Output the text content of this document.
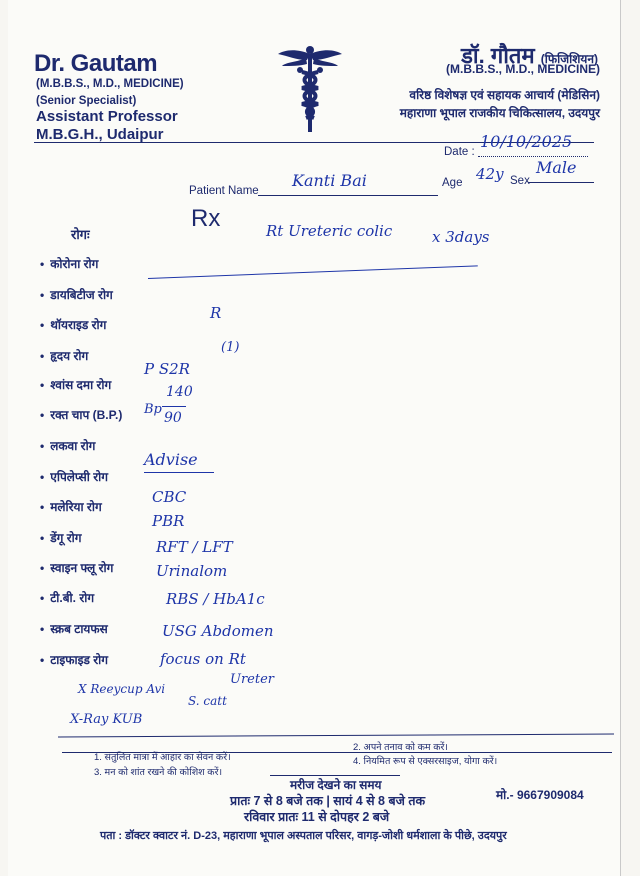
Dr. Gautam
(M.B.B.S., M.D., MEDICINE)
(Senior Specialist)
Assistant Professor
M.B.G.H., Udaipur
डॉ. गौतम (फिजिशियन)
(M.B.B.S., M.D., MEDICINE)
वरिष्ठ विशेषज्ञ एवं सहायक आचार्य (मेडिसिन)
महाराणा भूपाल राजकीय चिकित्सालय, उदयपुर
Date :
10/10/2025
Patient Name
Kanti Bai	Age 42y Sex
Male
Rx
रोगः
• कोरोना रोग
• डायबिटीज रोग
• थॉयराइड रोग
• हृदय रोग
• श्वांस दमा रोग
• रक्त चाप (B.P.)
• लकवा रोग
• एपिलेप्सी रोग
• मलेरिया रोग
• डेंगू रोग
• स्वाइन फ्लू रोग
• टी.बी. रोग
• स्क्रब टायफस
• टाइफाइड रोग
Rt Ureteric colic	x 3days
R
(1)
P S2R
Bp
140
90
Advise
CBC
PBR
RFT / LFT
Urinalom
RBS / HbA1c
USG Abdomen
focus on Rt
Ureter
X Reeycup Avi
S. catt
X-Ray KUB
1. संतुलित मात्रा में आहार का सेवन करें।
2. अपने तनाव को कम करें।
3. मन को शांत रखने की कोशिश करें।
4. नियमित रूप से एक्सरसाइज, योगा करें।
मरीज देखने का समय
प्रातः 7 से 8 बजे तक | सायं 4 से 8 बजे तक	मो.- 9667909084
रविवार प्रातः 11 से दोपहर 2 बजे
पता : डॉक्टर क्वाटर नं. D-23, महाराणा भूपाल अस्पताल परिसर, वागड़-जोशी धर्मशाला के पीछे, उदयपुर
